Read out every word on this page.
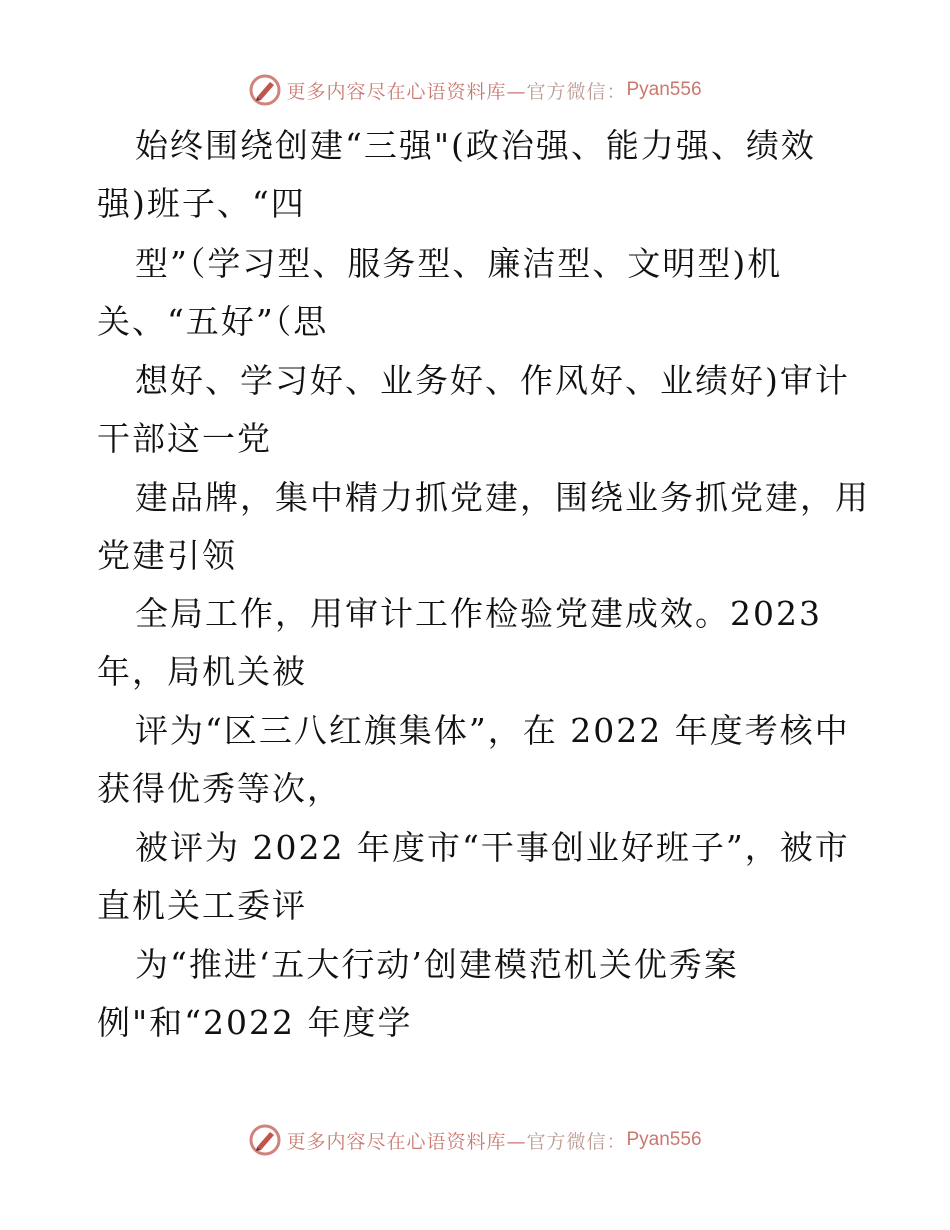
更多内容尽在心语资料库— 官方微信： Pyan556
始终围绕创建“三强"(政治强、能力强、绩效
强)班子、“四
型”（学习型、服务型、廉洁型、文明型)机
关、“五好”（思
想好、学习好、业务好、作风好、业绩好)审计
干部这一党
建品牌，集中精力抓党建，围绕业务抓党建，用
党建引领
全局工作，用审计工作检验党建成效。2023
年，局机关被
评为“区三八红旗集体”，在 2022 年度考核中
获得优秀等次，
被评为 2022 年度市“干事创业好班子”，被市
直机关工委评
为“推进‘五大行动’创建模范机关优秀案
例"和“2022 年度学
更多内容尽在心语资料库— 官方微信： Pyan556
